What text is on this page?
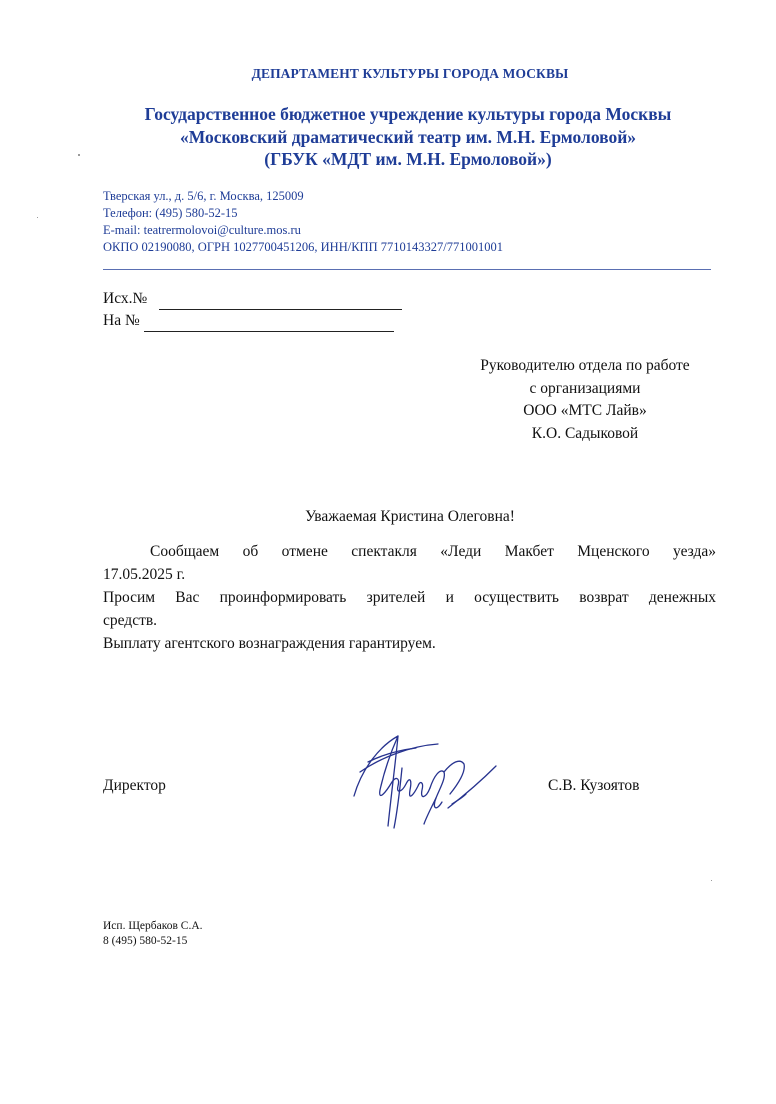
ДЕПАРТАМЕНТ КУЛЬТУРЫ ГОРОДА МОСКВЫ
Государственное бюджетное учреждение культуры города Москвы
«Московский драматический театр им. М.Н. Ермоловой»
(ГБУК «МДТ им. М.Н. Ермоловой»)
Тверская ул., д. 5/6, г. Москва, 125009
Телефон: (495) 580-52-15
E-mail: teatrermolovoi@culture.mos.ru
ОКПО 02190080, ОГРН 1027700451206, ИНН/КПП 7710143327/771001001
Исх.№
На №
Руководителю отдела по работе
с организациями
ООО «МТС Лайв»
К.О. Садыковой
Уважаемая Кристина Олеговна!

Сообщаем об отмене спектакля «Леди Макбет Мценского уезда»

17.05.2025 г.

Просим Вас проинформировать зрителей и осуществить возврат денежных

средств.

Выплату агентского вознаграждения гарантируем.

Директор	С.В. Кузоятов
Исп. Щербаков С.А.
8 (495) 580-52-15
